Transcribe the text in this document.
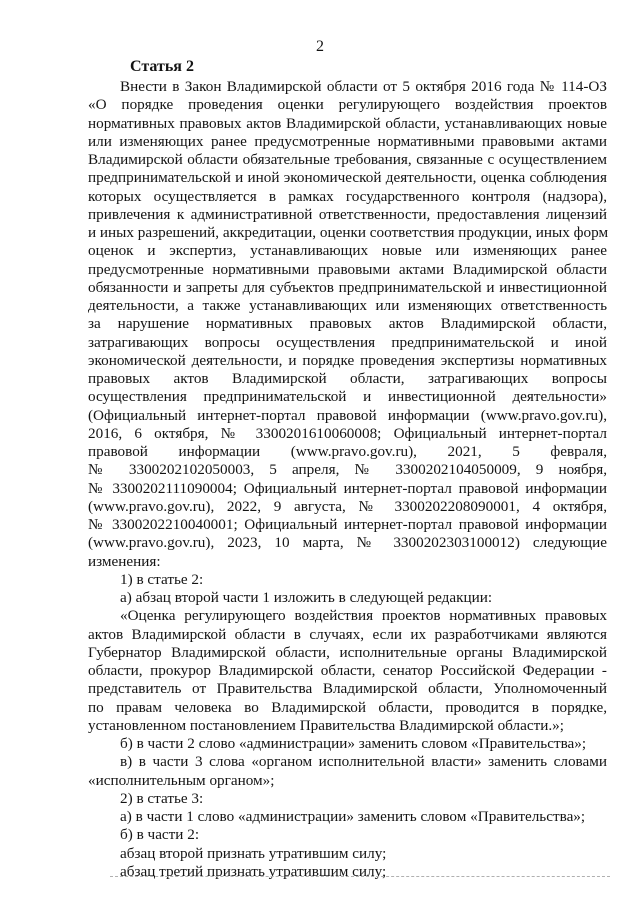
2
Статья 2
Внести в Закон Владимирской области от 5 октября 2016 года № 114-ОЗ
«О порядке проведения оценки регулирующего воздействия проектов
нормативных правовых актов Владимирской области, устанавливающих новые
или изменяющих ранее предусмотренные нормативными правовыми актами
Владимирской области обязательные требования, связанные с осуществлением
предпринимательской и иной экономической деятельности, оценка соблюдения
которых осуществляется в рамках государственного контроля (надзора),
привлечения к административной ответственности, предоставления лицензий
и иных разрешений, аккредитации, оценки соответствия продукции, иных форм
оценок и экспертиз, устанавливающих новые или изменяющих ранее
предусмотренные нормативными правовыми актами Владимирской области
обязанности и запреты для субъектов предпринимательской и инвестиционной
деятельности, а также устанавливающих или изменяющих ответственность
за нарушение нормативных правовых актов Владимирской области,
затрагивающих вопросы осуществления предпринимательской и иной
экономической деятельности, и порядке проведения экспертизы нормативных
правовых актов Владимирской области, затрагивающих вопросы
осуществления предпринимательской и инвестиционной деятельности»
(Официальный интернет-портал правовой информации (www.pravo.gov.ru),
2016, 6 октября, № 3300201610060008; Официальный интернет-портал
правовой информации (www.pravo.gov.ru), 2021, 5 февраля,
№ 3300202102050003, 5 апреля, № 3300202104050009, 9 ноября,
№ 3300202111090004; Официальный интернет-портал правовой информации
(www.pravo.gov.ru), 2022, 9 августа, № 3300202208090001, 4 октября,
№ 3300202210040001; Официальный интернет-портал правовой информации
(www.pravo.gov.ru), 2023, 10 марта, № 3300202303100012) следующие
изменения:
1) в статье 2:
а) абзац второй части 1 изложить в следующей редакции:
«Оценка регулирующего воздействия проектов нормативных правовых
актов Владимирской области в случаях, если их разработчиками являются
Губернатор Владимирской области, исполнительные органы Владимирской
области, прокурор Владимирской области, сенатор Российской Федерации -
представитель от Правительства Владимирской области, Уполномоченный
по правам человека во Владимирской области, проводится в порядке,
установленном постановлением Правительства Владимирской области.»;
б) в части 2 слово «администрации» заменить словом «Правительства»;
в) в части 3 слова «органом исполнительной власти» заменить словами
«исполнительным органом»;
2) в статье 3:
а) в части 1 слово «администрации» заменить словом «Правительства»;
б) в части 2:
абзац второй признать утратившим силу;
абзац третий признать утратившим силу;
